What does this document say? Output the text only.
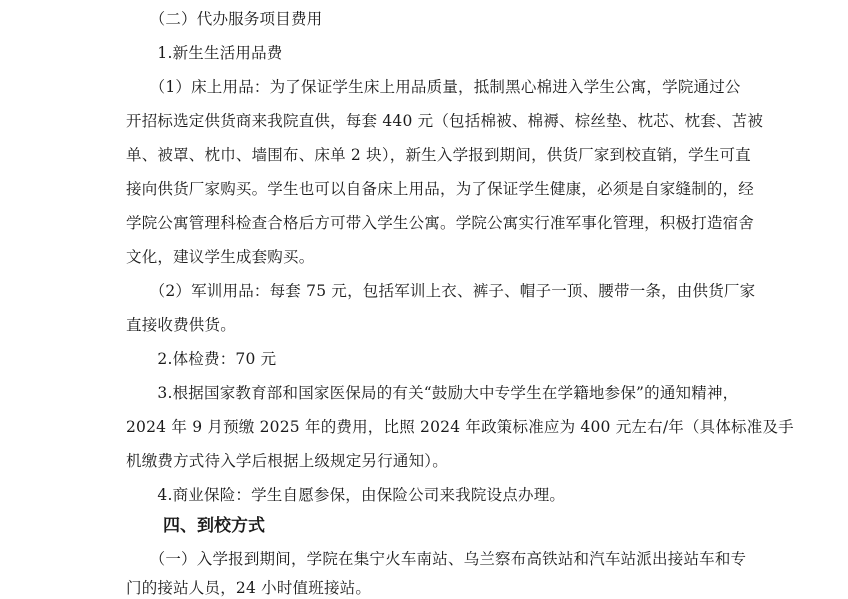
　　（二）代办服务项目费用
　　1.新生生活用品费
　　（1）床上用品：为了保证学生床上用品质量，抵制黑心棉进入学生公寓，学院通过公
开招标选定供货商来我院直供，每套 440 元（包括棉被、棉褥、棕丝垫、枕芯、枕套、苫被
单、被罩、枕巾、墙围布、床单 2 块），新生入学报到期间，供货厂家到校直销，学生可直
接向供货厂家购买。学生也可以自备床上用品，为了保证学生健康，必须是自家缝制的，经
学院公寓管理科检查合格后方可带入学生公寓。学院公寓实行准军事化管理，积极打造宿舍
文化，建议学生成套购买。
　　（2）军训用品：每套 75 元，包括军训上衣、裤子、帽子一顶、腰带一条，由供货厂家
直接收费供货。
　　2.体检费：70 元
　　3.根据国家教育部和国家医保局的有关“鼓励大中专学生在学籍地参保”的通知精神，
2024 年 9 月预缴 2025 年的费用，比照 2024 年政策标准应为 400 元左右/年（具体标准及手
机缴费方式待入学后根据上级规定另行通知）。
　　4.商业保险：学生自愿参保，由保险公司来我院设点办理。
四、到校方式
　　（一）入学报到期间，学院在集宁火车南站、乌兰察布高铁站和汽车站派出接站车和专
门的接站人员，24 小时值班接站。
